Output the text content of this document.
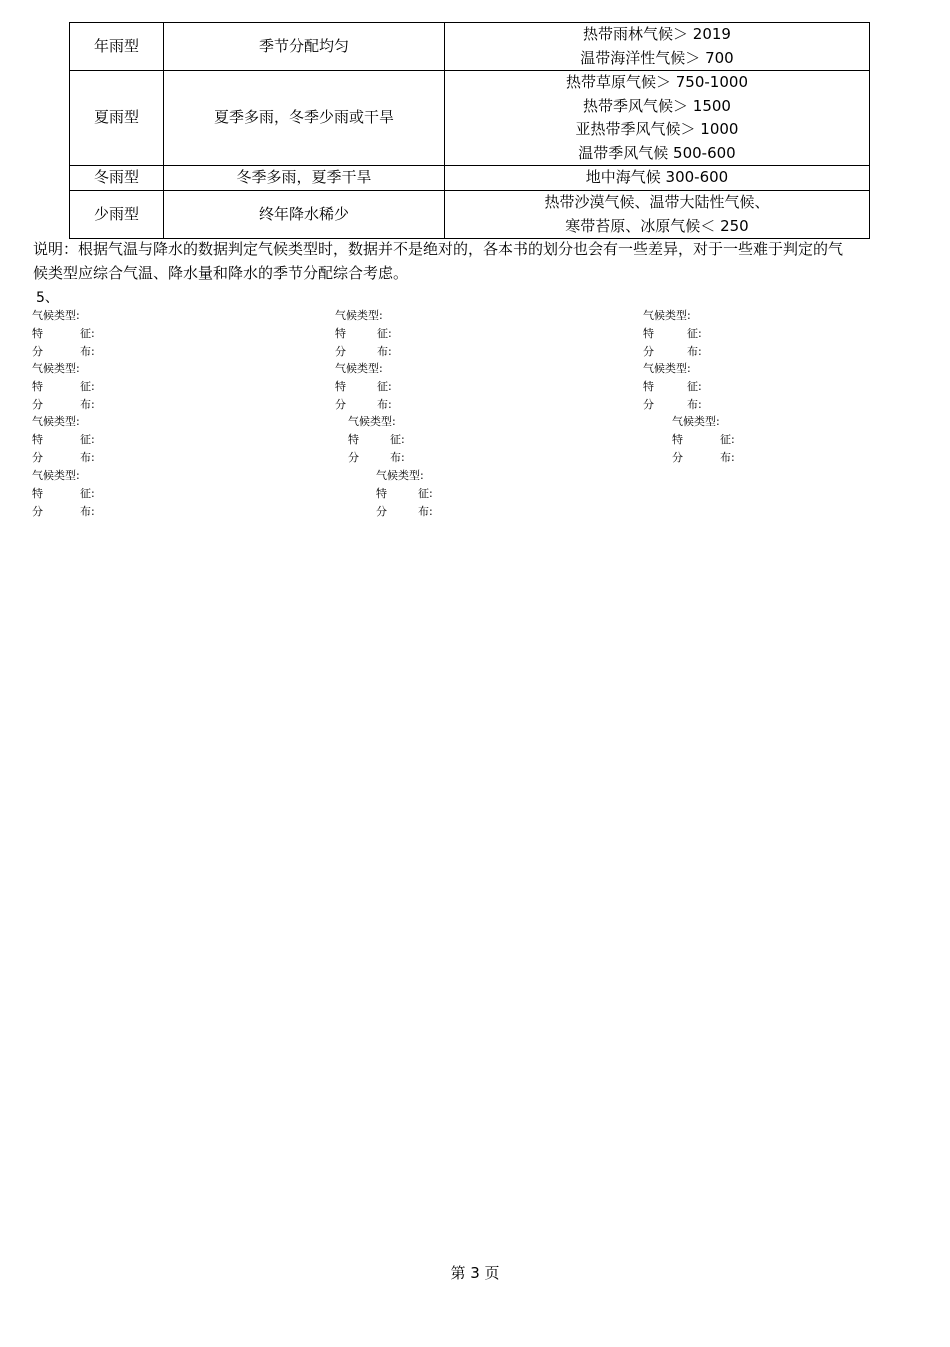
年雨型	季节分配均匀	热带雨林气候＞ 2019
温带海洋性气候＞ 700

夏雨型	夏季多雨，冬季少雨或干旱	热带草原气候＞ 750-1000
热带季风气候＞ 1500
亚热带季风气候＞ 1000
温带季风气候 500-600

冬雨型	冬季多雨，夏季干旱	地中海气候 300-600

少雨型	终年降水稀少	热带沙漠气候、温带大陆性气候、
寒带苔原、冰原气候＜ 250
说明：根据气温与降水的数据判定气候类型时，数据并不是绝对的，各本书的划分也会有一些差异，对于一些难于判定的气候类型应综合气温、降水量和降水的季节分配综合考虑。
5、
气候类型:
特	征:
分	布:
气候类型:
特	征:
分	布:
气候类型:
特	征:
分	布:
气候类型:
特	征:
分	布:
气候类型:
特	征:
分	布:
气候类型:
特	征:
分	布:
气候类型:
特	征:
分	布:
气候类型:
特	征:
分	布:
气候类型:
特	征:
分	布:
气候类型:
特	征:
分	布:
气候类型:
特	征:
分	布:
第 3 页
